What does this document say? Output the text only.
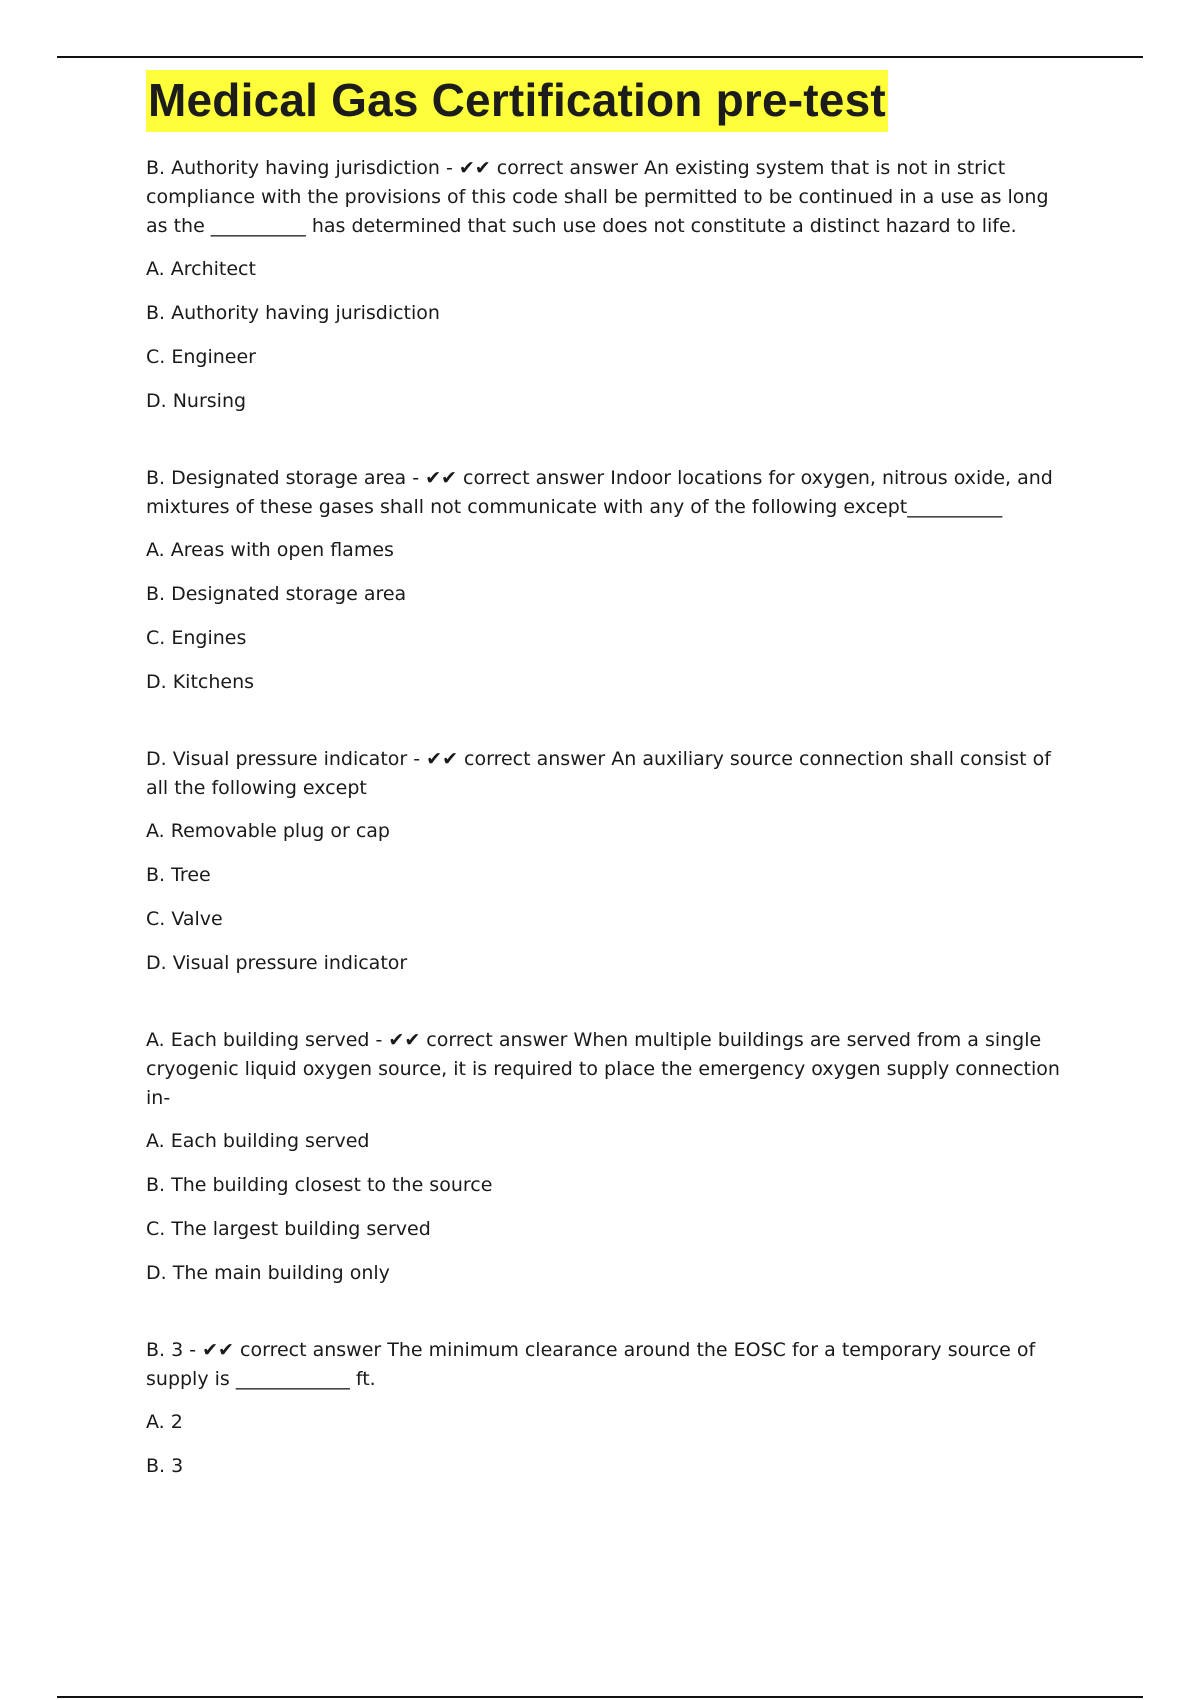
Medical Gas Certification pre-test

B. Authority having jurisdiction - ✔✔ correct answer An existing system that is not in strict compliance with the provisions of this code shall be permitted to be continued in a use as long as the __________ has determined that such use does not constitute a distinct hazard to life.

A. Architect

B. Authority having jurisdiction

C. Engineer

D. Nursing

B. Designated storage area - ✔✔ correct answer Indoor locations for oxygen, nitrous oxide, and mixtures of these gases shall not communicate with any of the following except__________

A. Areas with open flames

B. Designated storage area

C. Engines

D. Kitchens

D. Visual pressure indicator - ✔✔ correct answer An auxiliary source connection shall consist of all the following except

A. Removable plug or cap

B. Tree

C. Valve

D. Visual pressure indicator

A. Each building served - ✔✔ correct answer When multiple buildings are served from a single cryogenic liquid oxygen source, it is required to place the emergency oxygen supply connection in-

A. Each building served

B. The building closest to the source

C. The largest building served

D. The main building only

B. 3 - ✔✔ correct answer The minimum clearance around the EOSC for a temporary source of supply is ____________ ft.

A. 2

B. 3
